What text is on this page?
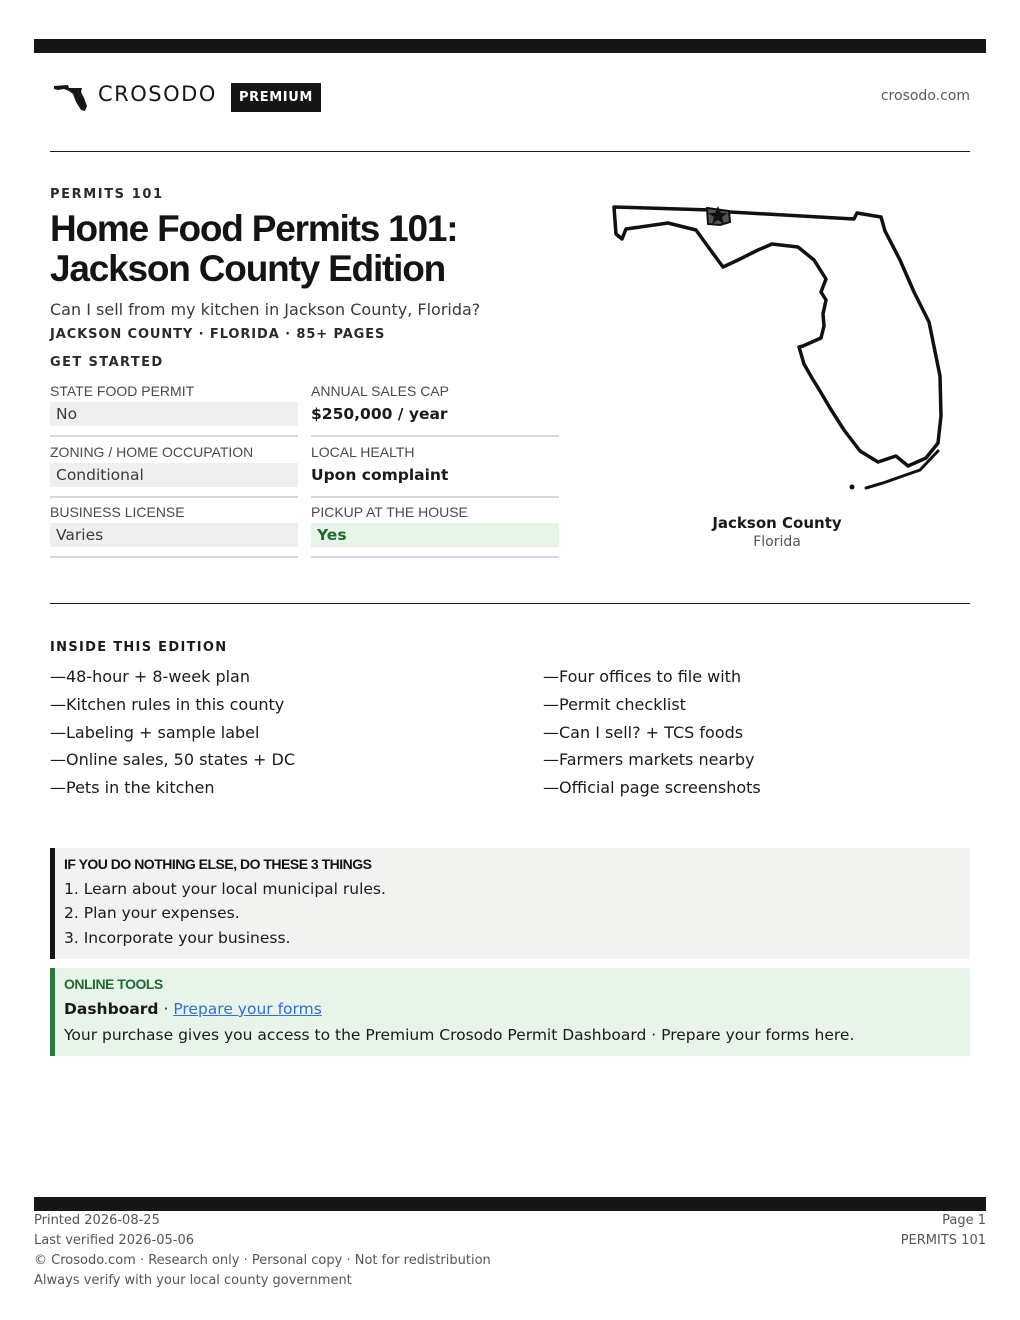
CROSODO	PREMIUM	crosodo.com
PERMITS 101
Home Food Permits 101: Jackson County Edition
Can I sell from my kitchen in Jackson County, Florida?
JACKSON COUNTY · FLORIDA · 85+ PAGES
GET STARTED
STATE FOOD PERMIT
No
ANNUAL SALES CAP
$250,000 / year
ZONING / HOME OCCUPATION
Conditional
LOCAL HEALTH
Upon complaint
BUSINESS LICENSE
Varies
PICKUP AT THE HOUSE
Yes
Jackson County
Florida
INSIDE THIS EDITION
—48-hour + 8-week plan
—Kitchen rules in this county
—Labeling + sample label
—Online sales, 50 states + DC
—Pets in the kitchen
—Four offices to file with
—Permit checklist
—Can I sell? + TCS foods
—Farmers markets nearby
—Official page screenshots
IF YOU DO NOTHING ELSE, DO THESE 3 THINGS
1. Learn about your local municipal rules.
2. Plan your expenses.
3. Incorporate your business.
ONLINE TOOLS
Dashboard · Prepare your forms
Your purchase gives you access to the Premium Crosodo Permit Dashboard · Prepare your forms here.
Printed 2026-08-25
Last verified 2026-05-06
© Crosodo.com · Research only · Personal copy · Not for redistribution
Always verify with your local county government
Page 1
PERMITS 101
